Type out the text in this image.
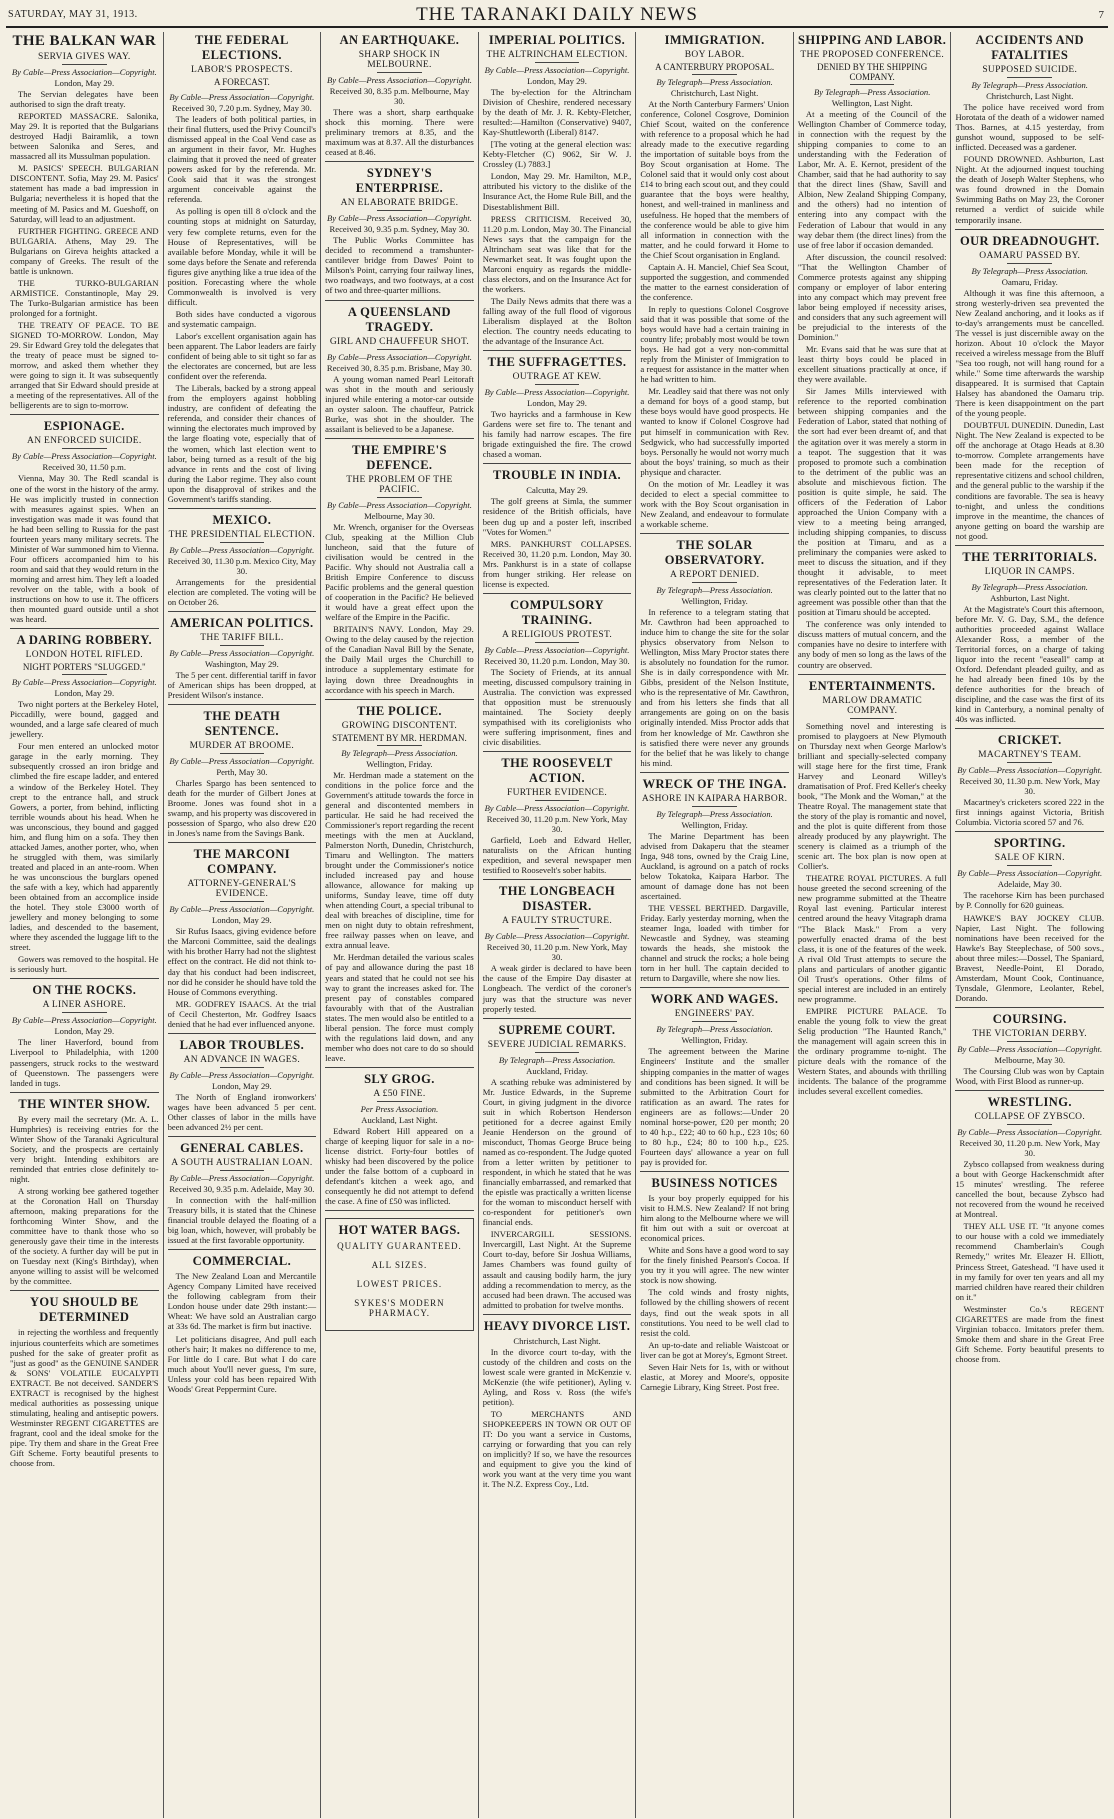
SATURDAY, MAY 31, 1913.	THE TARANAKI DAILY NEWS	7
THE BALKAN WAR
SERVIA GIVES WAY.
By Cable—Press Association—Copyright.
London, May 29.

The Servian delegates have been authorised to sign the draft treaty.

REPORTED MASSACRE. Salonika, May 29. It is reported that the Bulgarians destroyed Hadji Bairamlik, a town between Salonika and Seres, and massacred all its Mussulman population.

M. PASICS' SPEECH. BULGARIAN DISCONTENT. Sofia, May 29. M. Pasics' statement has made a bad impression in Bulgaria; nevertheless it is hoped that the meeting of M. Pasics and M. Gueshoff, on Saturday, will lead to an adjustment.

FURTHER FIGHTING. GREECE AND BULGARIA. Athens, May 29. The Bulgarians on Gireva heights attacked a company of Greeks. The result of the battle is unknown.

THE TURKO-BULGARIAN ARMISTICE. Constantinople, May 29. The Turko-Bulgarian armistice has been prolonged for a fortnight.

THE TREATY OF PEACE. TO BE SIGNED TO-MORROW. London, May 29. Sir Edward Grey told the delegates that the treaty of peace must be signed to-morrow, and asked them whether they were going to sign it. It was subsequently arranged that Sir Edward should preside at a meeting of the representatives. All of the belligerents are to sign to-morrow.

ESPIONAGE.
AN ENFORCED SUICIDE.
By Cable—Press Association—Copyright.
Received 30, 11.50 p.m.

Vienna, May 30. The Redl scandal is one of the worst in the history of the army. He was implicitly trusted in connection with measures against spies. When an investigation was made it was found that he had been selling to Russia for the past fourteen years many military secrets. The Minister of War summoned him to Vienna. Four officers accompanied him to his room and said that they would return in the morning and arrest him. They left a loaded revolver on the table, with a book of instructions on how to use it. The officers then mounted guard outside until a shot was heard.

A DARING ROBBERY.
LONDON HOTEL RIFLED.
NIGHT PORTERS "SLUGGED."
By Cable—Press Association—Copyright.
London, May 29.

Two night porters at the Berkeley Hotel, Piccadilly, were bound, gagged and wounded, and a large safe cleared of much jewellery.

Four men entered an unlocked motor garage in the early morning. They subsequently crossed an iron bridge and climbed the fire escape ladder, and entered a window of the Berkeley Hotel. They crept to the entrance hall, and struck Gowers, a porter, from behind, inflicting terrible wounds about his head. When he was unconscious, they bound and gagged him, and flung him on a sofa. They then attacked James, another porter, who, when he struggled with them, was similarly treated and placed in an ante-room. When he was unconscious the burglars opened the safe with a key, which had apparently been obtained from an accomplice inside the hotel. They stole £3000 worth of jewellery and money belonging to some ladies, and descended to the basement, where they ascended the luggage lift to the street.

Gowers was removed to the hospital. He is seriously hurt.

ON THE ROCKS.
A LINER ASHORE.
By Cable—Press Association—Copyright.
London, May 29.

The liner Haverford, bound from Liverpool to Philadelphia, with 1200 passengers, struck rocks to the westward of Queenstown. The passengers were landed in tugs.

THE WINTER SHOW.

By every mail the secretary (Mr. A. L. Humphries) is receiving entries for the Winter Show of the Taranaki Agricultural Society, and the prospects are certainly very bright. Intending exhibitors are reminded that entries close definitely to-night.

A strong working bee gathered together at the Coronation Hall on Thursday afternoon, making preparations for the forthcoming Winter Show, and the committee have to thank those who so generously gave their time in the interests of the society. A further day will be put in on Tuesday next (King's Birthday), when anyone willing to assist will be welcomed by the committee.

YOU SHOULD BE DETERMINED

in rejecting the worthless and frequently injurious counterfeits which are sometimes pushed for the sake of greater profit as "just as good" as the GENUINE SANDER & SONS' VOLATILE EUCALYPTI EXTRACT. Be not deceived. SANDER'S EXTRACT is recognised by the highest medical authorities as possessing unique stimulating, healing and antiseptic powers. Westminster REGENT CIGARETTES are fragrant, cool and the ideal smoke for the pipe. Try them and share in the Great Free Gift Scheme. Forty beautiful presents to choose from.

THE FEDERAL ELECTIONS.
LABOR'S PROSPECTS.
A FORECAST.
By Cable—Press Association—Copyright.
Received 30, 7.20 p.m. Sydney, May 30.

The leaders of both political parties, in their final flutters, used the Privy Council's dismissed appeal in the Coal Vend case as an argument in their favor, Mr. Hughes claiming that it proved the need of greater powers asked for by the referenda. Mr. Cook said that it was the strongest argument conceivable against the referenda.

As polling is open till 8 o'clock and the counting stops at midnight on Saturday, very few complete returns, even for the House of Representatives, will be available before Monday, while it will be some days before the Senate and referenda figures give anything like a true idea of the position. Forecasting where the whole Commonwealth is involved is very difficult.

Both sides have conducted a vigorous and systematic campaign.

Labor's excellent organisation again has been apparent. The Labor leaders are fairly confident of being able to sit tight so far as the electorates are concerned, but are less confident over the referenda.

The Liberals, backed by a strong appeal from the employers against hobbling industry, are confident of defeating the referenda, and consider their chances of winning the electorates much improved by the large floating vote, especially that of the women, which last election went to labor, being turned as a result of the big advance in rents and the cost of living during the Labor regime. They also count upon the disapproval of strikes and the Government's tariffs standing.

MEXICO.
THE PRESIDENTIAL ELECTION.
By Cable—Press Association—Copyright.
Received 30, 11.30 p.m. Mexico City, May 30.

Arrangements for the presidential election are completed. The voting will be on October 26.

AMERICAN POLITICS.
THE TARIFF BILL.
By Cable—Press Association—Copyright.
Washington, May 29.

The 5 per cent. differential tariff in favor of American ships has been dropped, at President Wilson's instance.

THE DEATH SENTENCE.
MURDER AT BROOME.
By Cable—Press Association—Copyright.
Perth, May 30.

Charles Spargo has been sentenced to death for the murder of Gilbert Jones at Broome. Jones was found shot in a swamp, and his property was discovered in possession of Spargo, who also drew £20 in Jones's name from the Savings Bank.

THE MARCONI COMPANY.
ATTORNEY-GENERAL'S EVIDENCE.
By Cable—Press Association—Copyright.
London, May 29.

Sir Rufus Isaacs, giving evidence before the Marconi Committee, said the dealings with his brother Harry had not the slightest effect on the contract. He did not think to-day that his conduct had been indiscreet, nor did he consider he should have told the House of Commons everything.

MR. GODFREY ISAACS. At the trial of Cecil Chesterton, Mr. Godfrey Isaacs denied that he had ever influenced anyone.

LABOR TROUBLES.
AN ADVANCE IN WAGES.
By Cable—Press Association—Copyright.
London, May 29.

The North of England ironworkers' wages have been advanced 5 per cent. Other classes of labor in the mills have been advanced 2½ per cent.

GENERAL CABLES.
A SOUTH AUSTRALIAN LOAN.
By Cable—Press Association—Copyright.
Received 30, 9.35 p.m. Adelaide, May 30.

In connection with the half-million Treasury bills, it is stated that the Chinese financial trouble delayed the floating of a big loan, which, however, will probably be issued at the first favorable opportunity.

COMMERCIAL.

The New Zealand Loan and Mercantile Agency Company Limited have received the following cablegram from their London house under date 29th instant:—Wheat: We have sold an Australian cargo at 33s 6d. The market is firm but inactive.

Let politicians disagree, And pull each other's hair; It makes no difference to me, For little do I care. But what I do care much about You'll never guess, I'm sure, Unless your cold has been repaired With Woods' Great Peppermint Cure.

AN EARTHQUAKE.
SHARP SHOCK IN MELBOURNE.
By Cable—Press Association—Copyright.
Received 30, 8.35 p.m. Melbourne, May 30.

There was a short, sharp earthquake shock this morning. There were preliminary tremors at 8.35, and the maximum was at 8.37. All the disturbances ceased at 8.46.

SYDNEY'S ENTERPRISE.
AN ELABORATE BRIDGE.
By Cable—Press Association—Copyright.
Received 30, 9.35 p.m. Sydney, May 30.

The Public Works Committee has decided to recommend a tramshunter-cantilever bridge from Dawes' Point to Milson's Point, carrying four railway lines, two roadways, and two footways, at a cost of two and three-quarter millions.

A QUEENSLAND TRAGEDY.
GIRL AND CHAUFFEUR SHOT.
By Cable—Press Association—Copyright.
Received 30, 8.35 p.m. Brisbane, May 30.

A young woman named Pearl Leitoraft was shot in the mouth and seriously injured while entering a motor-car outside an oyster saloon. The chauffeur, Patrick Burke, was shot in the shoulder. The assailant is believed to be a Japanese.

THE EMPIRE'S DEFENCE.
THE PROBLEM OF THE PACIFIC.
By Cable—Press Association—Copyright.
Melbourne, May 30.

Mr. Wrench, organiser for the Overseas Club, speaking at the Million Club luncheon, said that the future of civilisation would be centred in the Pacific. Why should not Australia call a British Empire Conference to discuss Pacific problems and the general question of cooperation in the Pacific? He believed it would have a great effect upon the welfare of the Empire in the Pacific.

BRITAIN'S NAVY. London, May 29. Owing to the delay caused by the rejection of the Canadian Naval Bill by the Senate, the Daily Mail urges the Churchill to introduce a supplementary estimate for laying down three Dreadnoughts in accordance with his speech in March.

THE POLICE.
GROWING DISCONTENT.
STATEMENT BY MR. HERDMAN.
By Telegraph—Press Association.
Wellington, Friday.

Mr. Herdman made a statement on the conditions in the police force and the Government's attitude towards the force in general and discontented members in particular. He said he had received the Commissioner's report regarding the recent meetings with the men at Auckland, Palmerston North, Dunedin, Christchurch, Timaru and Wellington. The matters brought under the Commissioner's notice included increased pay and house allowance, allowance for making up uniforms, Sunday leave, time off duty when attending Court, a special tribunal to deal with breaches of discipline, time for men on night duty to obtain refreshment, free railway passes when on leave, and extra annual leave.

Mr. Herdman detailed the various scales of pay and allowance during the past 18 years and stated that he could not see his way to grant the increases asked for. The present pay of constables compared favourably with that of the Australian states. The men would also be entitled to a liberal pension. The force must comply with the regulations laid down, and any member who does not care to do so should leave.

SLY GROG.
A £50 FINE.
Per Press Association.
Auckland, Last Night.

Edward Robert Hill appeared on a charge of keeping liquor for sale in a no-license district. Forty-four bottles of whisky had been discovered by the police under the false bottom of a cupboard in defendant's kitchen a week ago, and consequently he did not attempt to defend the case. A fine of £50 was inflicted.

HOT WATER BAGS.

QUALITY GUARANTEED.

ALL SIZES.

LOWEST PRICES.

SYKES'S MODERN PHARMACY.

IMPERIAL POLITICS.
THE ALTRINCHAM ELECTION.
By Cable—Press Association—Copyright.
London, May 29.

The by-election for the Altrincham Division of Cheshire, rendered necessary by the death of Mr. J. R. Kebty-Fletcher, resulted:—Hamilton (Conservative) 9407, Kay-Shuttleworth (Liberal) 8147.

[The voting at the general election was: Kebty-Fletcher (C) 9062, Sir W. J. Crossley (L) 7883.]

London, May 29. Mr. Hamilton, M.P., attributed his victory to the dislike of the Insurance Act, the Home Rule Bill, and the Disestablishment Bill.

PRESS CRITICISM. Received 30, 11.20 p.m. London, May 30. The Financial News says that the campaign for the Altrincham seat was like that for the Newmarket seat. It was fought upon the Marconi enquiry as regards the middle-class electors, and on the Insurance Act for the workers.

The Daily News admits that there was a falling away of the full flood of vigorous Liberalism displayed at the Bolton election. The country needs educating to the advantage of the Insurance Act.

THE SUFFRAGETTES.
OUTRAGE AT KEW.
By Cable—Press Association—Copyright.
London, May 29.

Two hayricks and a farmhouse in Kew Gardens were set fire to. The tenant and his family had narrow escapes. The fire brigade extinguished the fire. The crowd chased a woman.

TROUBLE IN INDIA.
Calcutta, May 29.

The golf greens at Simla, the summer residence of the British officials, have been dug up and a poster left, inscribed "Votes for Women."

MRS. PANKHURST COLLAPSES. Received 30, 11.20 p.m. London, May 30. Mrs. Pankhurst is in a state of collapse from hunger striking. Her release on license is expected.

COMPULSORY TRAINING.
A RELIGIOUS PROTEST.
By Cable—Press Association—Copyright.
Received 30, 11.20 p.m. London, May 30.

The Society of Friends, at its annual meeting, discussed compulsory training in Australia. The conviction was expressed that opposition must be strenuously maintained. The Society deeply sympathised with its coreligionists who were suffering imprisonment, fines and civic disabilities.

THE ROOSEVELT ACTION.
FURTHER EVIDENCE.
By Cable—Press Association—Copyright.
Received 30, 11.20 p.m. New York, May 30.

Garfield, Loeb and Edward Heller, naturalists on the African hunting expedition, and several newspaper men testified to Roosevelt's sober habits.

THE LONGBEACH DISASTER.
A FAULTY STRUCTURE.
By Cable—Press Association—Copyright.
Received 30, 11.20 p.m. New York, May 30.

A weak girder is declared to have been the cause of the Empire Day disaster at Longbeach. The verdict of the coroner's jury was that the structure was never properly tested.

SUPREME COURT.
SEVERE JUDICIAL REMARKS.
By Telegraph—Press Association.
Auckland, Friday.

A scathing rebuke was administered by Mr. Justice Edwards, in the Supreme Court, in giving judgment in the divorce suit in which Robertson Henderson petitioned for a decree against Emily Jeanie Henderson on the ground of misconduct, Thomas George Bruce being named as co-respondent. The Judge quoted from a letter written by petitioner to respondent, in which he stated that he was financially embarrassed, and remarked that the epistle was practically a written license for the woman to misconduct herself with co-respondent for petitioner's own financial ends.

INVERCARGILL SESSIONS. Invercargill, Last Night. At the Supreme Court to-day, before Sir Joshua Williams, James Chambers was found guilty of assault and causing bodily harm, the jury adding a recommendation to mercy, as the accused had been drawn. The accused was admitted to probation for twelve months.

HEAVY DIVORCE LIST.
Christchurch, Last Night.

In the divorce court to-day, with the custody of the children and costs on the lowest scale were granted in McKenzie v. McKenzie (the wife petitioner), Ayling v. Ayling, and Ross v. Ross (the wife's petition).

TO MERCHANTS AND SHOPKEEPERS IN TOWN OR OUT OF IT: Do you want a service in Customs, carrying or forwarding that you can rely on implicitly? If so, we have the resources and equipment to give you the kind of work you want at the very time you want it. The N.Z. Express Coy., Ltd.

IMMIGRATION.
BOY LABOR.
A CANTERBURY PROPOSAL.
By Telegraph—Press Association.
Christchurch, Last Night.

At the North Canterbury Farmers' Union conference, Colonel Cosgrove, Dominion Chief Scout, waited on the conference with reference to a proposal which he had already made to the executive regarding the importation of suitable boys from the Boy Scout organisation at Home. The Colonel said that it would only cost about £14 to bring each scout out, and they could guarantee that the boys were healthy, honest, and well-trained in manliness and usefulness. He hoped that the members of the conference would be able to give him all information in connection with the matter, and he could forward it Home to the Chief Scout organisation in England.

Captain A. H. Manciel, Chief Sea Scout, supported the suggestion, and commended the matter to the earnest consideration of the conference.

In reply to questions Colonel Cosgrove said that it was possible that some of the boys would have had a certain training in country life; probably most would be town boys. He had got a very non-committal reply from the Minister of Immigration to a request for assistance in the matter when he had written to him.

Mr. Leadley said that there was not only a demand for boys of a good stamp, but these boys would have good prospects. He wanted to know if Colonel Cosgrove had put himself in communication with Rev. Sedgwick, who had successfully imported boys. Personally he would not worry much about the boys' training, so much as their physique and character.

On the motion of Mr. Leadley it was decided to elect a special committee to work with the Boy Scout organisation in New Zealand, and endeavour to formulate a workable scheme.

THE SOLAR OBSERVATORY.
A REPORT DENIED.
By Telegraph—Press Association.
Wellington, Friday.

In reference to a telegram stating that Mr. Cawthron had been approached to induce him to change the site for the solar physics observatory from Nelson to Wellington, Miss Mary Proctor states there is absolutely no foundation for the rumor. She is in daily correspondence with Mr. Gibbs, president of the Nelson Institute, who is the representative of Mr. Cawthron, and from his letters she finds that all arrangements are going on on the basis originally intended. Miss Proctor adds that from her knowledge of Mr. Cawthron she is satisfied there were never any grounds for the belief that he was likely to change his mind.

WRECK OF THE INGA.
ASHORE IN KAIPARA HARBOR.
By Telegraph—Press Association.
Wellington, Friday.

The Marine Department has been advised from Dakaperu that the steamer Inga, 948 tons, owned by the Craig Line, Auckland, is aground on a patch of rocks below Tokatoka, Kaipara Harbor. The amount of damage done has not been ascertained.

THE VESSEL BERTHED. Dargaville, Friday. Early yesterday morning, when the steamer Inga, loaded with timber for Newcastle and Sydney, was steaming towards the heads, she mistook the channel and struck the rocks; a hole being torn in her hull. The captain decided to return to Dargaville, where she now lies.

WORK AND WAGES.
ENGINEERS' PAY.
By Telegraph—Press Association.
Wellington, Friday.

The agreement between the Marine Engineers' Institute and the smaller shipping companies in the matter of wages and conditions has been signed. It will be submitted to the Arbitration Court for ratification as an award. The rates for engineers are as follows:—Under 20 nominal horse-power, £20 per month; 20 to 40 h.p., £22; 40 to 60 h.p., £23 10s; 60 to 80 h.p., £24; 80 to 100 h.p., £25. Fourteen days' allowance a year on full pay is provided for.

BUSINESS NOTICES

Is your boy properly equipped for his visit to H.M.S. New Zealand? If not bring him along to the Melbourne where we will fit him out with a suit or overcoat at economical prices.

White and Sons have a good word to say for the finely finished Pearson's Cocoa. If you try it you will agree. The new winter stock is now showing.

The cold winds and frosty nights, followed by the chilling showers of recent days, find out the weak spots in all constitutions. You need to be well clad to resist the cold.

An up-to-date and reliable Waistcoat or liver can be got at Morey's, Egmont Street.

Seven Hair Nets for 1s, with or without elastic, at Morey and Moore's, opposite Carnegie Library, King Street. Post free.

SHIPPING AND LABOR.
THE PROPOSED CONFERENCE.
DENIED BY THE SHIPPING COMPANY.
By Telegraph—Press Association.
Wellington, Last Night.

At a meeting of the Council of the Wellington Chamber of Commerce today, in connection with the request by the shipping companies to come to an understanding with the Federation of Labor, Mr. A. E. Kernot, president of the Chamber, said that he had authority to say that the direct lines (Shaw, Savill and Albion, New Zealand Shipping Company, and the others) had no intention of entering into any compact with the Federation of Labour that would in any way debar them (the direct lines) from the use of free labor if occasion demanded.

After discussion, the council resolved: "That the Wellington Chamber of Commerce protests against any shipping company or employer of labor entering into any compact which may prevent free labor being employed if necessity arises, and considers that any such agreement will be prejudicial to the interests of the Dominion."

Mr. Evans said that he was sure that at least thirty boys could be placed in excellent situations practically at once, if they were available.

Sir James Mills interviewed with reference to the reported combination between shipping companies and the Federation of Labor, stated that nothing of the sort had ever been dreamt of, and that the agitation over it was merely a storm in a teapot. The suggestion that it was proposed to promote such a combination to the detriment of the public was an absolute and mischievous fiction. The position is quite simple, he said. The officers of the Federation of Labor approached the Union Company with a view to a meeting being arranged, including shipping companies, to discuss the position at Timaru, and as a preliminary the companies were asked to meet to discuss the situation, and if they thought it advisable, to meet representatives of the Federation later. It was clearly pointed out to the latter that no agreement was possible other than that the position at Timaru should be accepted.

The conference was only intended to discuss matters of mutual concern, and the companies have no desire to interfere with any body of men so long as the laws of the country are observed.

ENTERTAINMENTS.
MARLOW DRAMATIC COMPANY.

Something novel and interesting is promised to playgoers at New Plymouth on Thursday next when George Marlow's brilliant and specially-selected company will stage here for the first time, Frank Harvey and Leonard Willey's dramatisation of Prof. Fred Keller's cheeky book, "The Monk and the Woman," at the Theatre Royal. The management state that the story of the play is romantic and novel, and the plot is quite different from those already produced by any playwright. The scenery is claimed as a triumph of the scenic art. The box plan is now open at Collier's.

THEATRE ROYAL PICTURES. A full house greeted the second screening of the new programme submitted at the Theatre Royal last evening. Particular interest centred around the heavy Vitagraph drama "The Black Mask." From a very powerfully enacted drama of the best class, it is one of the features of the week. A rival Old Trust attempts to secure the plans and particulars of another gigantic Oil Trust's operations. Other films of special interest are included in an entirely new programme.

EMPIRE PICTURE PALACE. To enable the young folk to view the great Selig production "The Haunted Ranch," the management will again screen this in the ordinary programme to-night. The picture deals with the romance of the Western States, and abounds with thrilling incidents. The balance of the programme includes several excellent comedies.

ACCIDENTS AND FATALITIES
SUPPOSED SUICIDE.
By Telegraph—Press Association.
Christchurch, Last Night.

The police have received word from Horotata of the death of a widower named Thos. Barnes, at 4.15 yesterday, from gunshot wound, supposed to be self-inflicted. Deceased was a gardener.

FOUND DROWNED. Ashburton, Last Night. At the adjourned inquest touching the death of Joseph Walter Stephens, who was found drowned in the Domain Swimming Baths on May 23, the Coroner returned a verdict of suicide while temporarily insane.

OUR DREADNOUGHT.
OAMARU PASSED BY.
By Telegraph—Press Association.
Oamaru, Friday.

Although it was fine this afternoon, a strong westerly-driven sea prevented the New Zealand anchoring, and it looks as if to-day's arrangements must be cancelled. The vessel is just discernible away on the horizon. About 10 o'clock the Mayor received a wireless message from the Bluff "Sea too rough, not will hang round for a while." Some time afterwards the warship disappeared. It is surmised that Captain Halsey has abandoned the Oamaru trip. There is keen disappointment on the part of the young people.

DOUBTFUL DUNEDIN. Dunedin, Last Night. The New Zealand is expected to be off the anchorage at Otago Heads at 8.30 to-morrow. Complete arrangements have been made for the reception of representative citizens and school children, and the general public to the warship if the conditions are favorable. The sea is heavy to-night, and unless the conditions improve in the meantime, the chances of anyone getting on board the warship are not good.

THE TERRITORIALS.
LIQUOR IN CAMPS.
By Telegraph—Press Association.
Ashburton, Last Night.

At the Magistrate's Court this afternoon, before Mr. V. G. Day, S.M., the defence authorities proceeded against Wallace Alexander Ross, a member of the Territorial forces, on a charge of taking liquor into the recent "easeall" camp at Oxford. Defendant pleaded guilty, and as he had already been fined 10s by the defence authorities for the breach of discipline, and the case was the first of its kind in Canterbury, a nominal penalty of 40s was inflicted.

CRICKET.
MACARTNEY'S TEAM.
By Cable—Press Association—Copyright.
Received 30, 11.30 p.m. New York, May 30.

Macartney's cricketers scored 222 in the first innings against Victoria, British Columbia. Victoria scored 57 and 76.

SPORTING.
SALE OF KIRN.
By Cable—Press Association—Copyright.
Adelaide, May 30.

The racehorse Kirn has been purchased by P. Connolly for 620 guineas.

HAWKE'S BAY JOCKEY CLUB. Napier, Last Night. The following nominations have been received for the Hawke's Bay Steeplechase, of 500 sovs., about three miles:—Dossel, The Spaniard, Bravest, Needle-Point, El Dorado, Amsterdam, Mount Cook, Continuance, Tynsdale, Glenmore, Leolanter, Rebel, Dorando.

COURSING.
THE VICTORIAN DERBY.
By Cable—Press Association—Copyright.
Melbourne, May 30.

The Coursing Club was won by Captain Wood, with First Blood as runner-up.

WRESTLING.
COLLAPSE OF ZYBSCO.
By Cable—Press Association—Copyright.
Received 30, 11.20 p.m. New York, May 30.

Zybsco collapsed from weakness during a bout with George Hackenschmidt after 15 minutes' wrestling. The referee cancelled the bout, because Zybsco had not recovered from the wound he received at Montreal.

THEY ALL USE IT. "It anyone comes to our house with a cold we immediately recommend Chamberlain's Cough Remedy," writes Mr. Eleazer H. Elliott, Princess Street, Gateshead. "I have used it in my family for over ten years and all my married children have reared their children on it."

Westminster Co.'s REGENT CIGARETTES are made from the finest Virginian tobacco. Imitators prefer them. Smoke them and share in the Great Free Gift Scheme. Forty beautiful presents to choose from.
